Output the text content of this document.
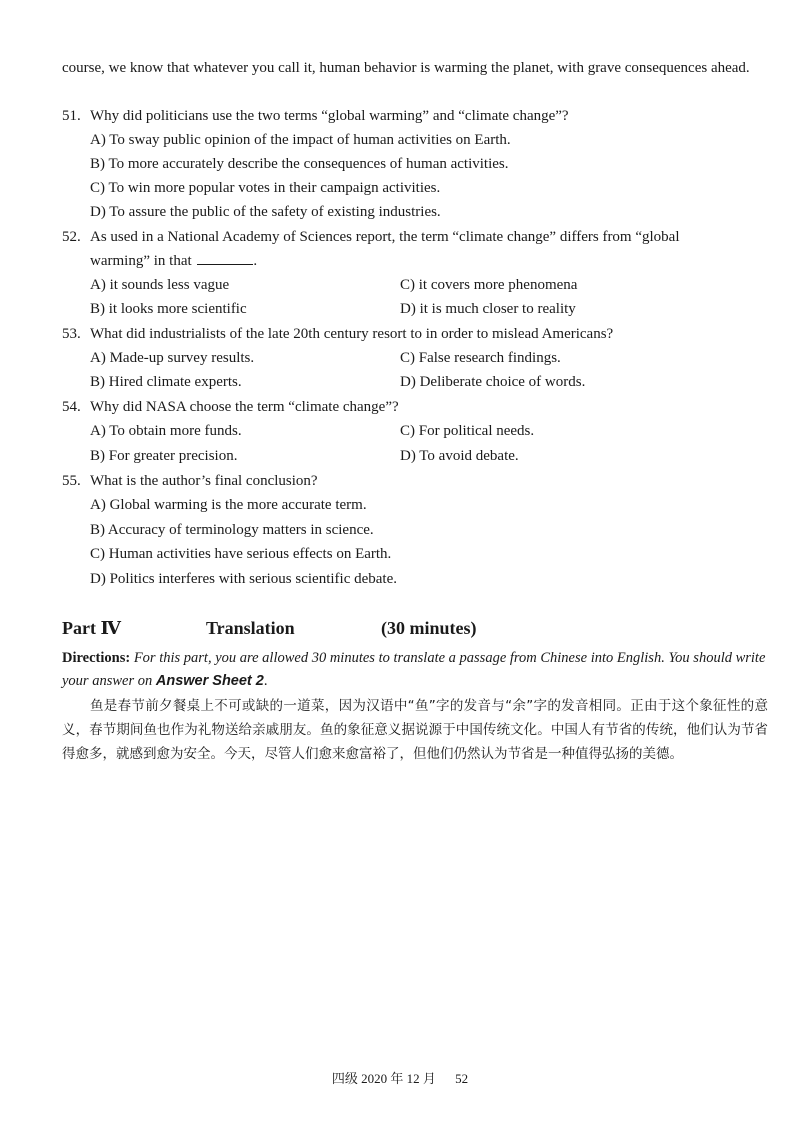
course, we know that whatever you call it, human behavior is warming the planet, with grave consequences ahead.
51. Why did politicians use the two terms “global warming” and “climate change”?
A) To sway public opinion of the impact of human activities on Earth.
B) To more accurately describe the consequences of human activities.
C) To win more popular votes in their campaign activities.
D) To assure the public of the safety of existing industries.
52. As used in a National Academy of Sciences report, the term “climate change” differs from “global
warming” in that	.
A) it sounds less vague	C) it covers more phenomena
B) it looks more scientific	D) it is much closer to reality
53. What did industrialists of the late 20th century resort to in order to mislead Americans?
A) Made-up survey results.	C) False research findings.
B) Hired climate experts.	D) Deliberate choice of words.
54. Why did NASA choose the term “climate change”?
A) To obtain more funds.	C) For political needs.
B) For greater precision.	D) To avoid debate.
55. What is the author’s final conclusion?
A) Global warming is the more accurate term.
B) Accuracy of terminology matters in science.
C) Human activities have serious effects on Earth.
D) Politics interferes with serious scientific debate.
Part Ⅳ	Translation	(30 minutes)
Directions: For this part, you are allowed 30 minutes to translate a passage from Chinese into English. You should write your answer on Answer Sheet 2.
鱼是春节前夕餐桌上不可或缺的一道菜，因为汉语中“鱼”字的发音与“余”字的发音相同。正由于这个象征性的意义，春节期间鱼也作为礼物送给亲戚朋友。鱼的象征意义据说源于中国传统文化。中国人有节省的传统，他们认为节省得愈多，就感到愈为安全。今天，尽管人们愈来愈富裕了，但他们仍然认为节省是一种值得弘扬的美德。
四级 2020 年 12 月 52
